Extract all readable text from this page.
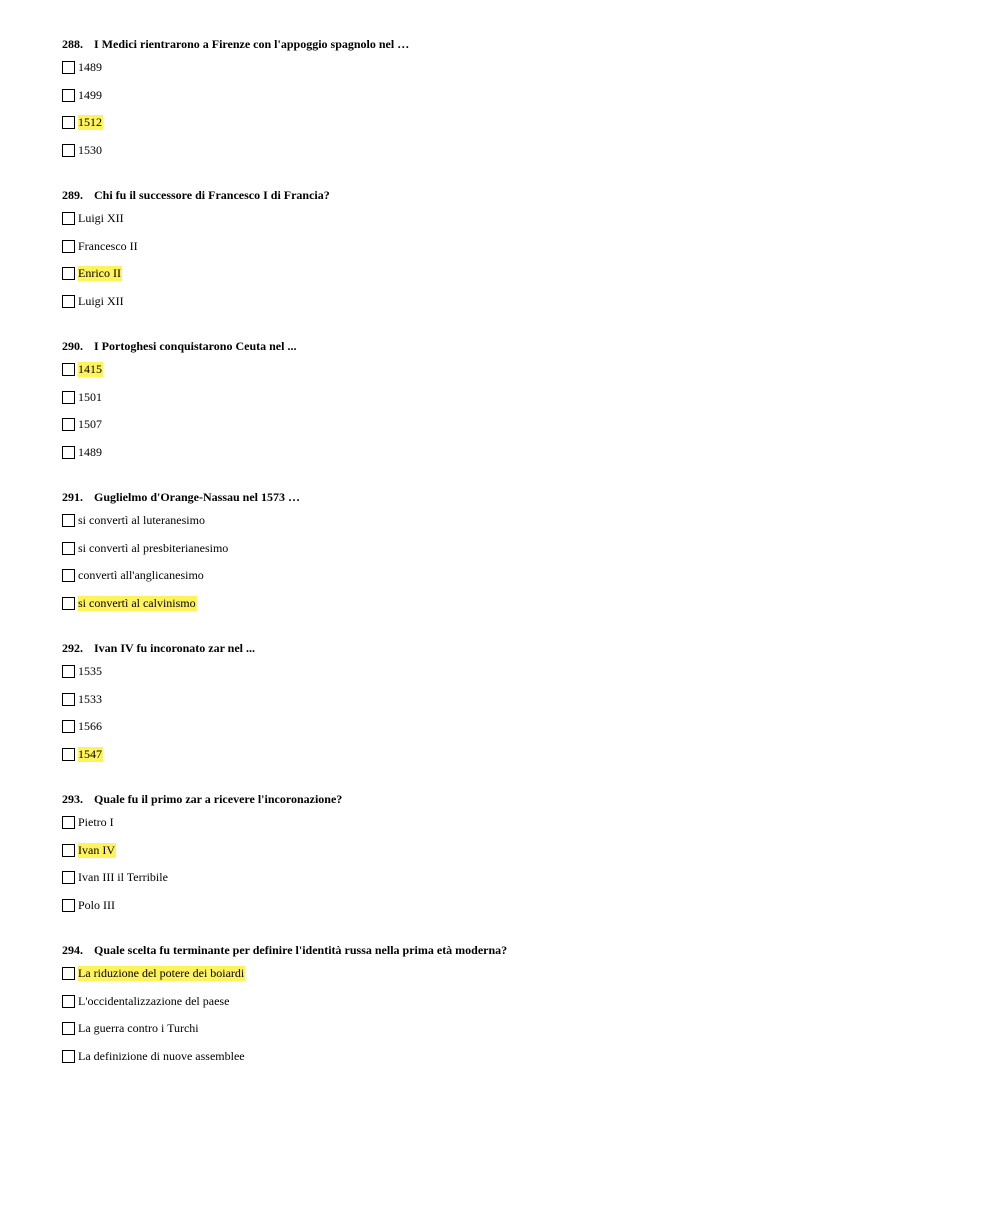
288. I Medici rientrarono a Firenze con l'appoggio spagnolo nel …
1489
1499
1512
1530
289. Chi fu il successore di Francesco I di Francia?
Luigi XII
Francesco II
Enrico II
Luigi XII
290. I Portoghesi conquistarono Ceuta nel ...
1415
1501
1507
1489
291. Guglielmo d'Orange-Nassau nel 1573 …
si convertì al luteranesimo
si convertì al presbiterianesimo
convertì all'anglicanesimo
si convertì al calvinismo
292. Ivan IV fu incoronato zar nel ...
1535
1533
1566
1547
293. Quale fu il primo zar a ricevere l'incoronazione?
Pietro I
Ivan IV
Ivan III il Terribile
Polo III
294. Quale scelta fu terminante per definire l'identità russa nella prima età moderna?
La riduzione del potere dei boiardi
L'occidentalizzazione del paese
La guerra contro i Turchi
La definizione di nuove assemblee
